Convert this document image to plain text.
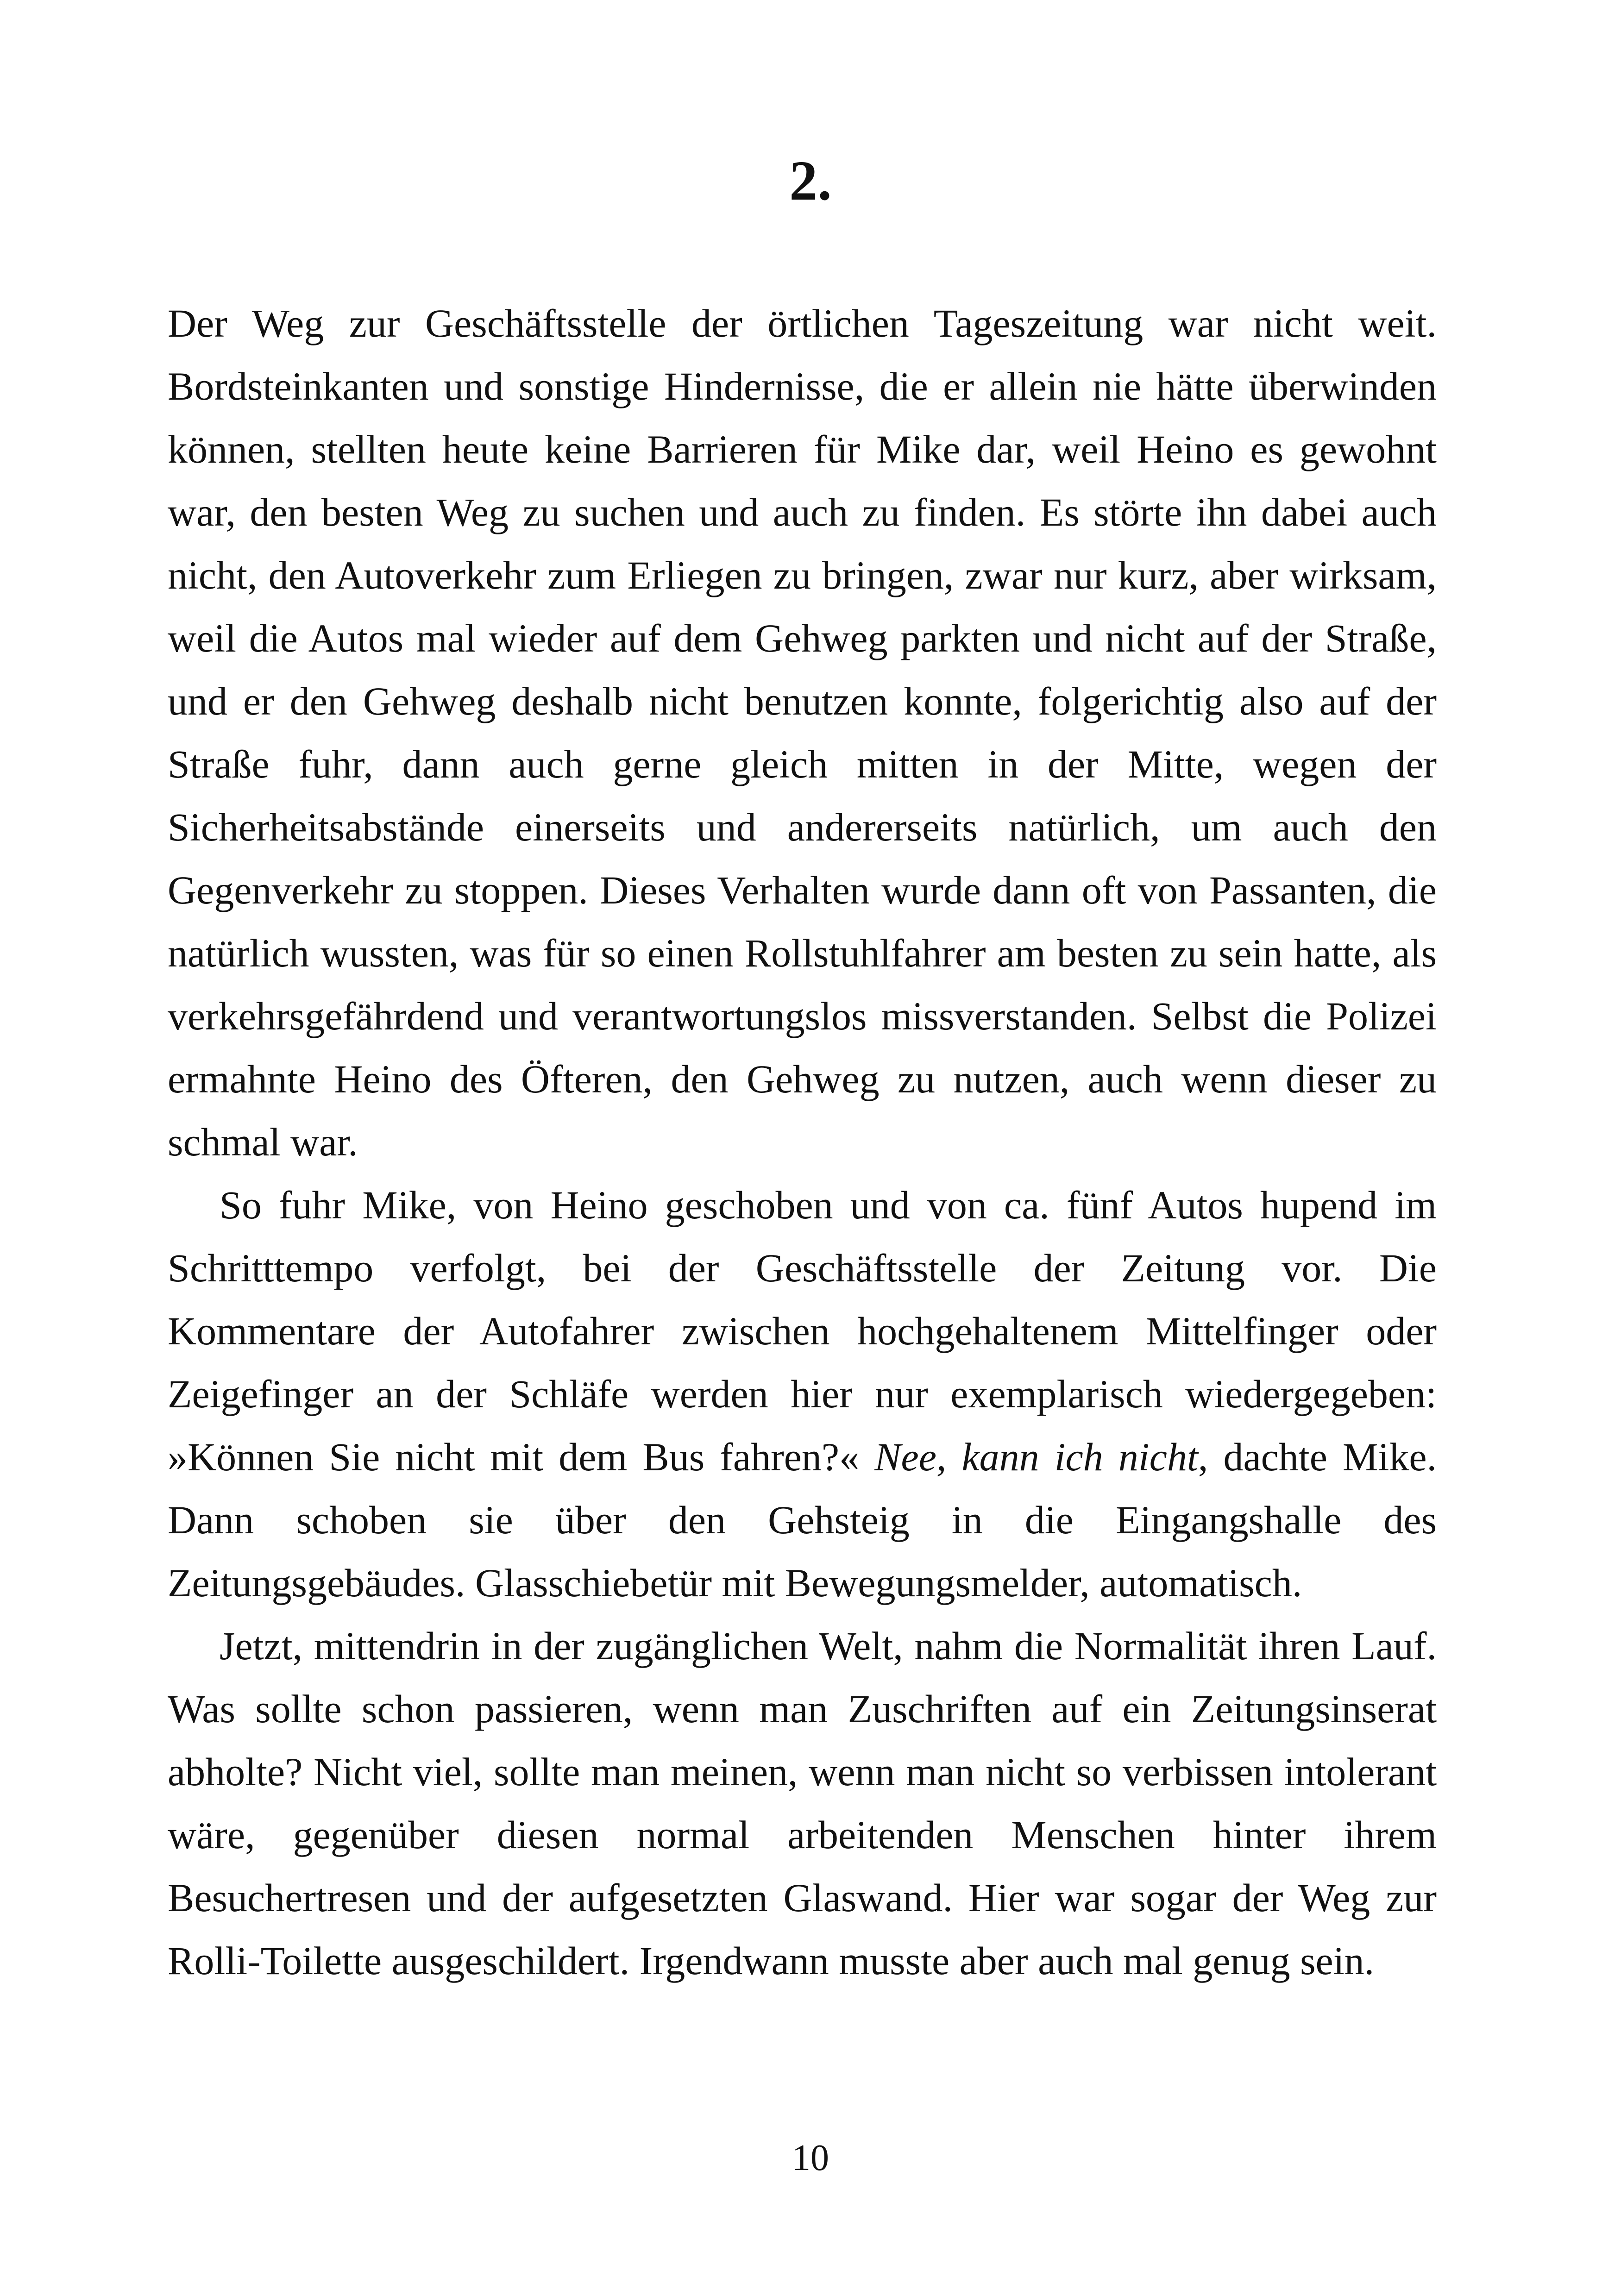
2.

Der Weg zur Geschäftsstelle der örtlichen Tageszeitung war nicht weit. Bordsteinkanten und sonstige Hindernisse, die er allein nie hätte überwinden können, stellten heute keine Barrieren für Mike dar, weil Heino es gewohnt war, den besten Weg zu suchen und auch zu finden. Es störte ihn dabei auch nicht, den Autoverkehr zum Erliegen zu bringen, zwar nur kurz, aber wirksam, weil die Autos mal wieder auf dem Gehweg parkten und nicht auf der Straße, und er den Gehweg deshalb nicht benutzen konnte, folgerichtig also auf der Straße fuhr, dann auch gerne gleich mitten in der Mitte, wegen der Sicherheitsabstände einerseits und andererseits natürlich, um auch den Gegenverkehr zu stoppen. Dieses Verhalten wurde dann oft von Passanten, die natürlich wussten, was für so einen Rollstuhlfahrer am besten zu sein hatte, als verkehrsgefährdend und verantwortungslos missverstanden. Selbst die Polizei ermahnte Heino des Öfteren, den Gehweg zu nutzen, auch wenn dieser zu schmal war.

So fuhr Mike, von Heino geschoben und von ca. fünf Autos hupend im Schritttempo verfolgt, bei der Geschäftsstelle der Zeitung vor. Die Kommentare der Autofahrer zwischen hochgehaltenem Mittelfinger oder Zeigefinger an der Schläfe werden hier nur exemplarisch wiedergegeben: »Können Sie nicht mit dem Bus fahren?« Nee, kann ich nicht, dachte Mike. Dann schoben sie über den Gehsteig in die Eingangshalle des Zeitungsgebäudes. Glasschiebetür mit Bewegungsmelder, automatisch.

Jetzt, mittendrin in der zugänglichen Welt, nahm die Normalität ihren Lauf. Was sollte schon passieren, wenn man Zuschriften auf ein Zeitungsinserat abholte? Nicht viel, sollte man meinen, wenn man nicht so verbissen intolerant wäre, gegenüber diesen normal arbeitenden Menschen hinter ihrem Besuchertresen und der aufgesetzten Glaswand. Hier war sogar der Weg zur Rolli-Toilette ausgeschildert. Irgendwann musste aber auch mal genug sein.

10
